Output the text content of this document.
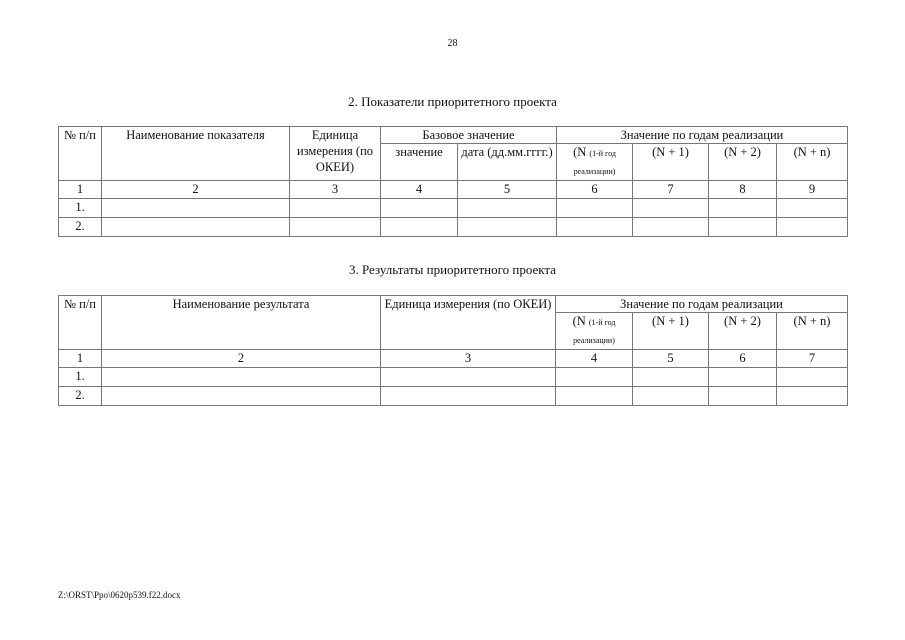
28
2. Показатели приоритетного проекта
№ п/п	Наименование показателя	Единица измерения (по ОКЕИ)	Базовое значение		Значение по годам реализации			
			значение	дата (дд.мм.гггг.)	(N (1-й год реализации)	(N + 1)	(N + 2)	(N + n)
1	2	3	4	5	6	7	8	9
1.								
2.								
3. Результаты приоритетного проекта
№ п/п	Наименование результата	Единица измерения (по ОКЕИ)	Значение по годам реализации			
			(N (1-й год реализации)	(N + 1)	(N + 2)	(N + n)
1	2	3	4	5	6	7
1.						
2.						
Z:\ORST\Ppo\0620p539.f22.docx
